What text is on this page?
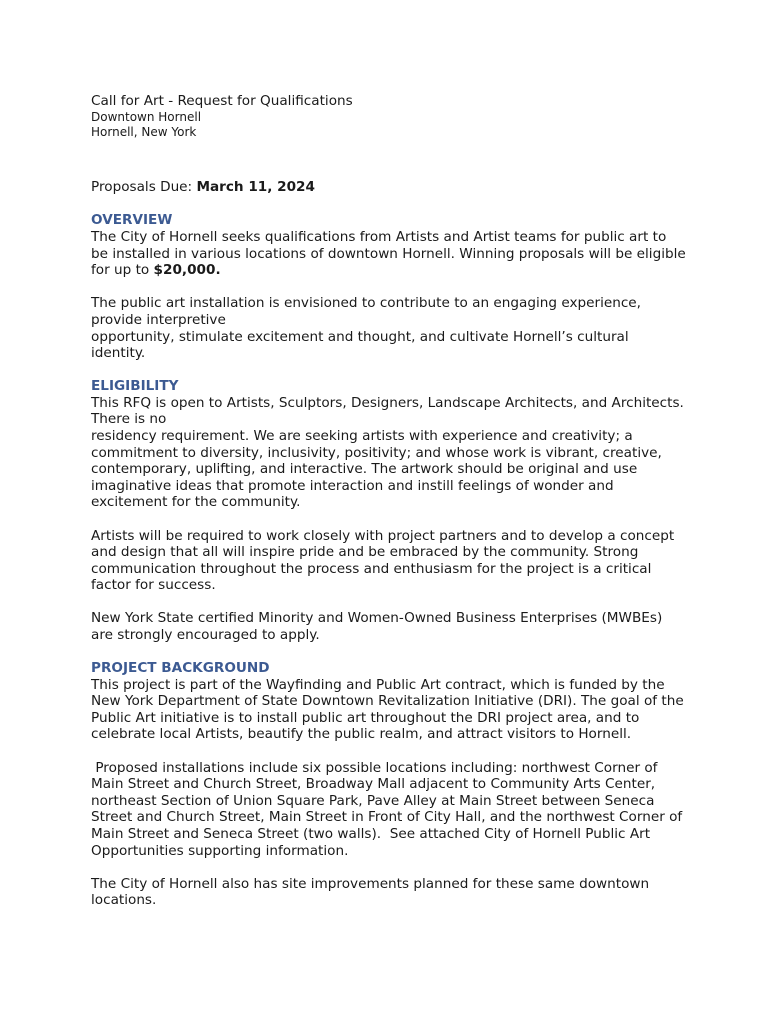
Call for Art - Request for Qualifications

Downtown Hornell

Hornell, New York

Proposals Due: March 11, 2024

OVERVIEW

The City of Hornell seeks qualifications from Artists and Artist teams for public art to be installed in various locations of downtown Hornell. Winning proposals will be eligible for up to $20,000.

The public art installation is envisioned to contribute to an engaging experience, provide interpretive
opportunity, stimulate excitement and thought, and cultivate Hornell’s cultural identity.

ELIGIBILITY

This RFQ is open to Artists, Sculptors, Designers, Landscape Architects, and Architects. There is no
residency requirement. We are seeking artists with experience and creativity; a commitment to diversity, inclusivity, positivity; and whose work is vibrant, creative, contemporary, uplifting, and interactive. The artwork should be original and use imaginative ideas that promote interaction and instill feelings of wonder and excitement for the community.

Artists will be required to work closely with project partners and to develop a concept and design that all will inspire pride and be embraced by the community. Strong communication throughout the process and enthusiasm for the project is a critical factor for success.

New York State certified Minority and Women-Owned Business Enterprises (MWBEs) are strongly encouraged to apply.

PROJECT BACKGROUND

This project is part of the Wayfinding and Public Art contract, which is funded by the New York Department of State Downtown Revitalization Initiative (DRI). The goal of the Public Art initiative is to install public art throughout the DRI project area, and to celebrate local Artists, beautify the public realm, and attract visitors to Hornell.

Proposed installations include six possible locations including: northwest Corner of Main Street and Church Street, Broadway Mall adjacent to Community Arts Center, northeast Section of Union Square Park, Pave Alley at Main Street between Seneca Street and Church Street, Main Street in Front of City Hall, and the northwest Corner of Main Street and Seneca Street (two walls).  See attached City of Hornell Public Art Opportunities supporting information.

The City of Hornell also has site improvements planned for these same downtown locations.
